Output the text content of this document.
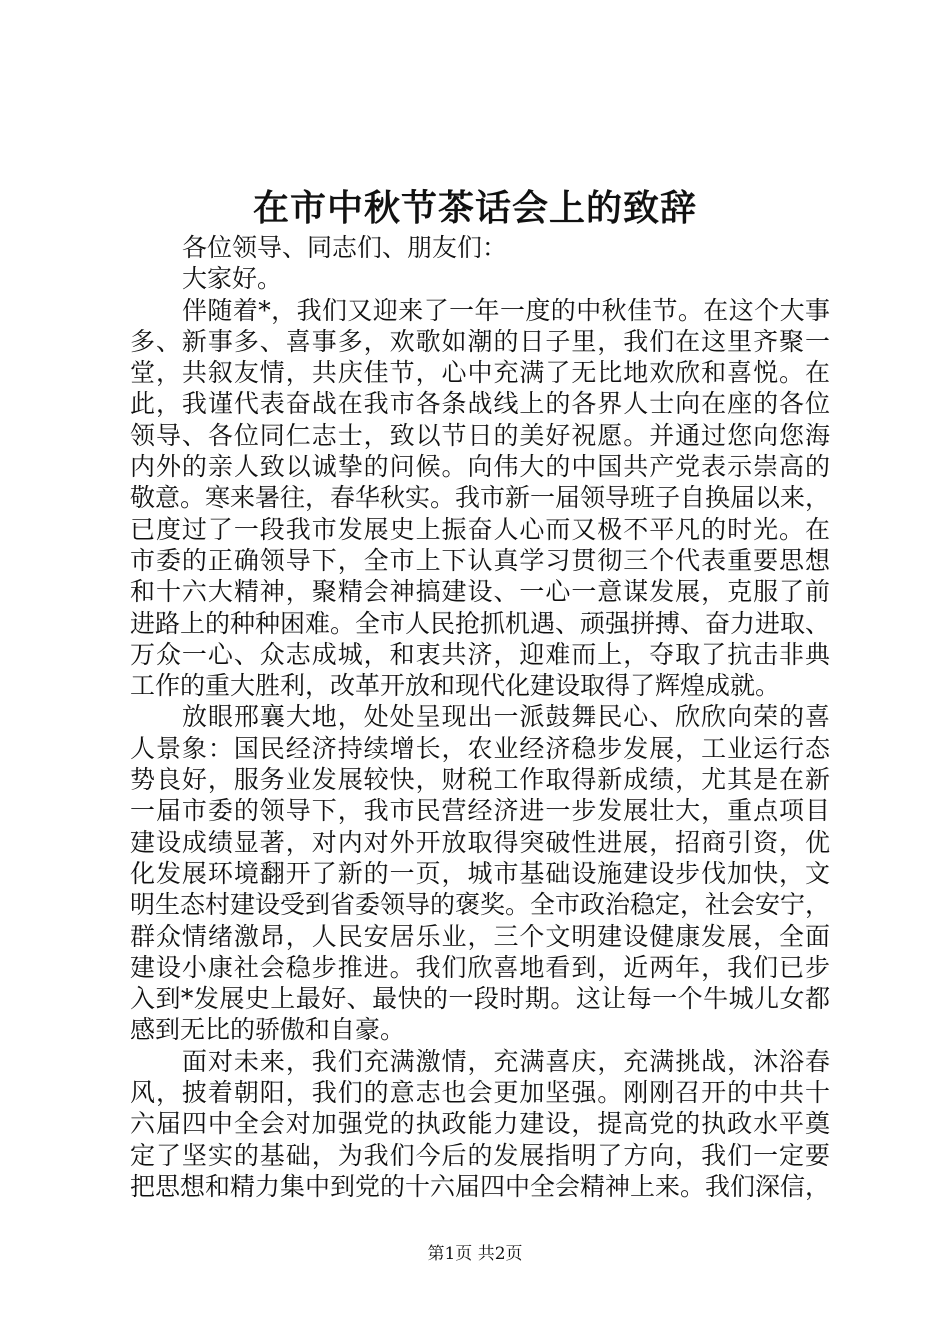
在市中秋节茶话会上的致辞
各位领导、同志们、朋友们：
大家好。
伴随着*，我们又迎来了一年一度的中秋佳节。在这个大事
多、新事多、喜事多，欢歌如潮的日子里，我们在这里齐聚一
堂，共叙友情，共庆佳节，心中充满了无比地欢欣和喜悦。在
此，我谨代表奋战在我市各条战线上的各界人士向在座的各位
领导、各位同仁志士，致以节日的美好祝愿。并通过您向您海
内外的亲人致以诚挚的问候。向伟大的中国共产党表示崇高的
敬意。寒来暑往，春华秋实。我市新一届领导班子自换届以来，
已度过了一段我市发展史上振奋人心而又极不平凡的时光。在
市委的正确领导下，全市上下认真学习贯彻三个代表重要思想
和十六大精神，聚精会神搞建设、一心一意谋发展，克服了前
进路上的种种困难。全市人民抢抓机遇、顽强拼搏、奋力进取、
万众一心、众志成城，和衷共济，迎难而上，夺取了抗击非典
工作的重大胜利，改革开放和现代化建设取得了辉煌成就。
放眼邢襄大地，处处呈现出一派鼓舞民心、欣欣向荣的喜
人景象：国民经济持续增长，农业经济稳步发展，工业运行态
势良好，服务业发展较快，财税工作取得新成绩，尤其是在新
一届市委的领导下，我市民营经济进一步发展壮大，重点项目
建设成绩显著，对内对外开放取得突破性进展，招商引资，优
化发展环境翻开了新的一页，城市基础设施建设步伐加快，文
明生态村建设受到省委领导的褒奖。全市政治稳定，社会安宁，
群众情绪激昂，人民安居乐业，三个文明建设健康发展，全面
建设小康社会稳步推进。我们欣喜地看到，近两年，我们已步
入到*发展史上最好、最快的一段时期。这让每一个牛城儿女都
感到无比的骄傲和自豪。
面对未来，我们充满激情，充满喜庆，充满挑战，沐浴春
风，披着朝阳，我们的意志也会更加坚强。刚刚召开的中共十
六届四中全会对加强党的执政能力建设，提高党的执政水平奠
定了坚实的基础，为我们今后的发展指明了方向，我们一定要
把思想和精力集中到党的十六届四中全会精神上来。我们深信，
第1页 共2页
